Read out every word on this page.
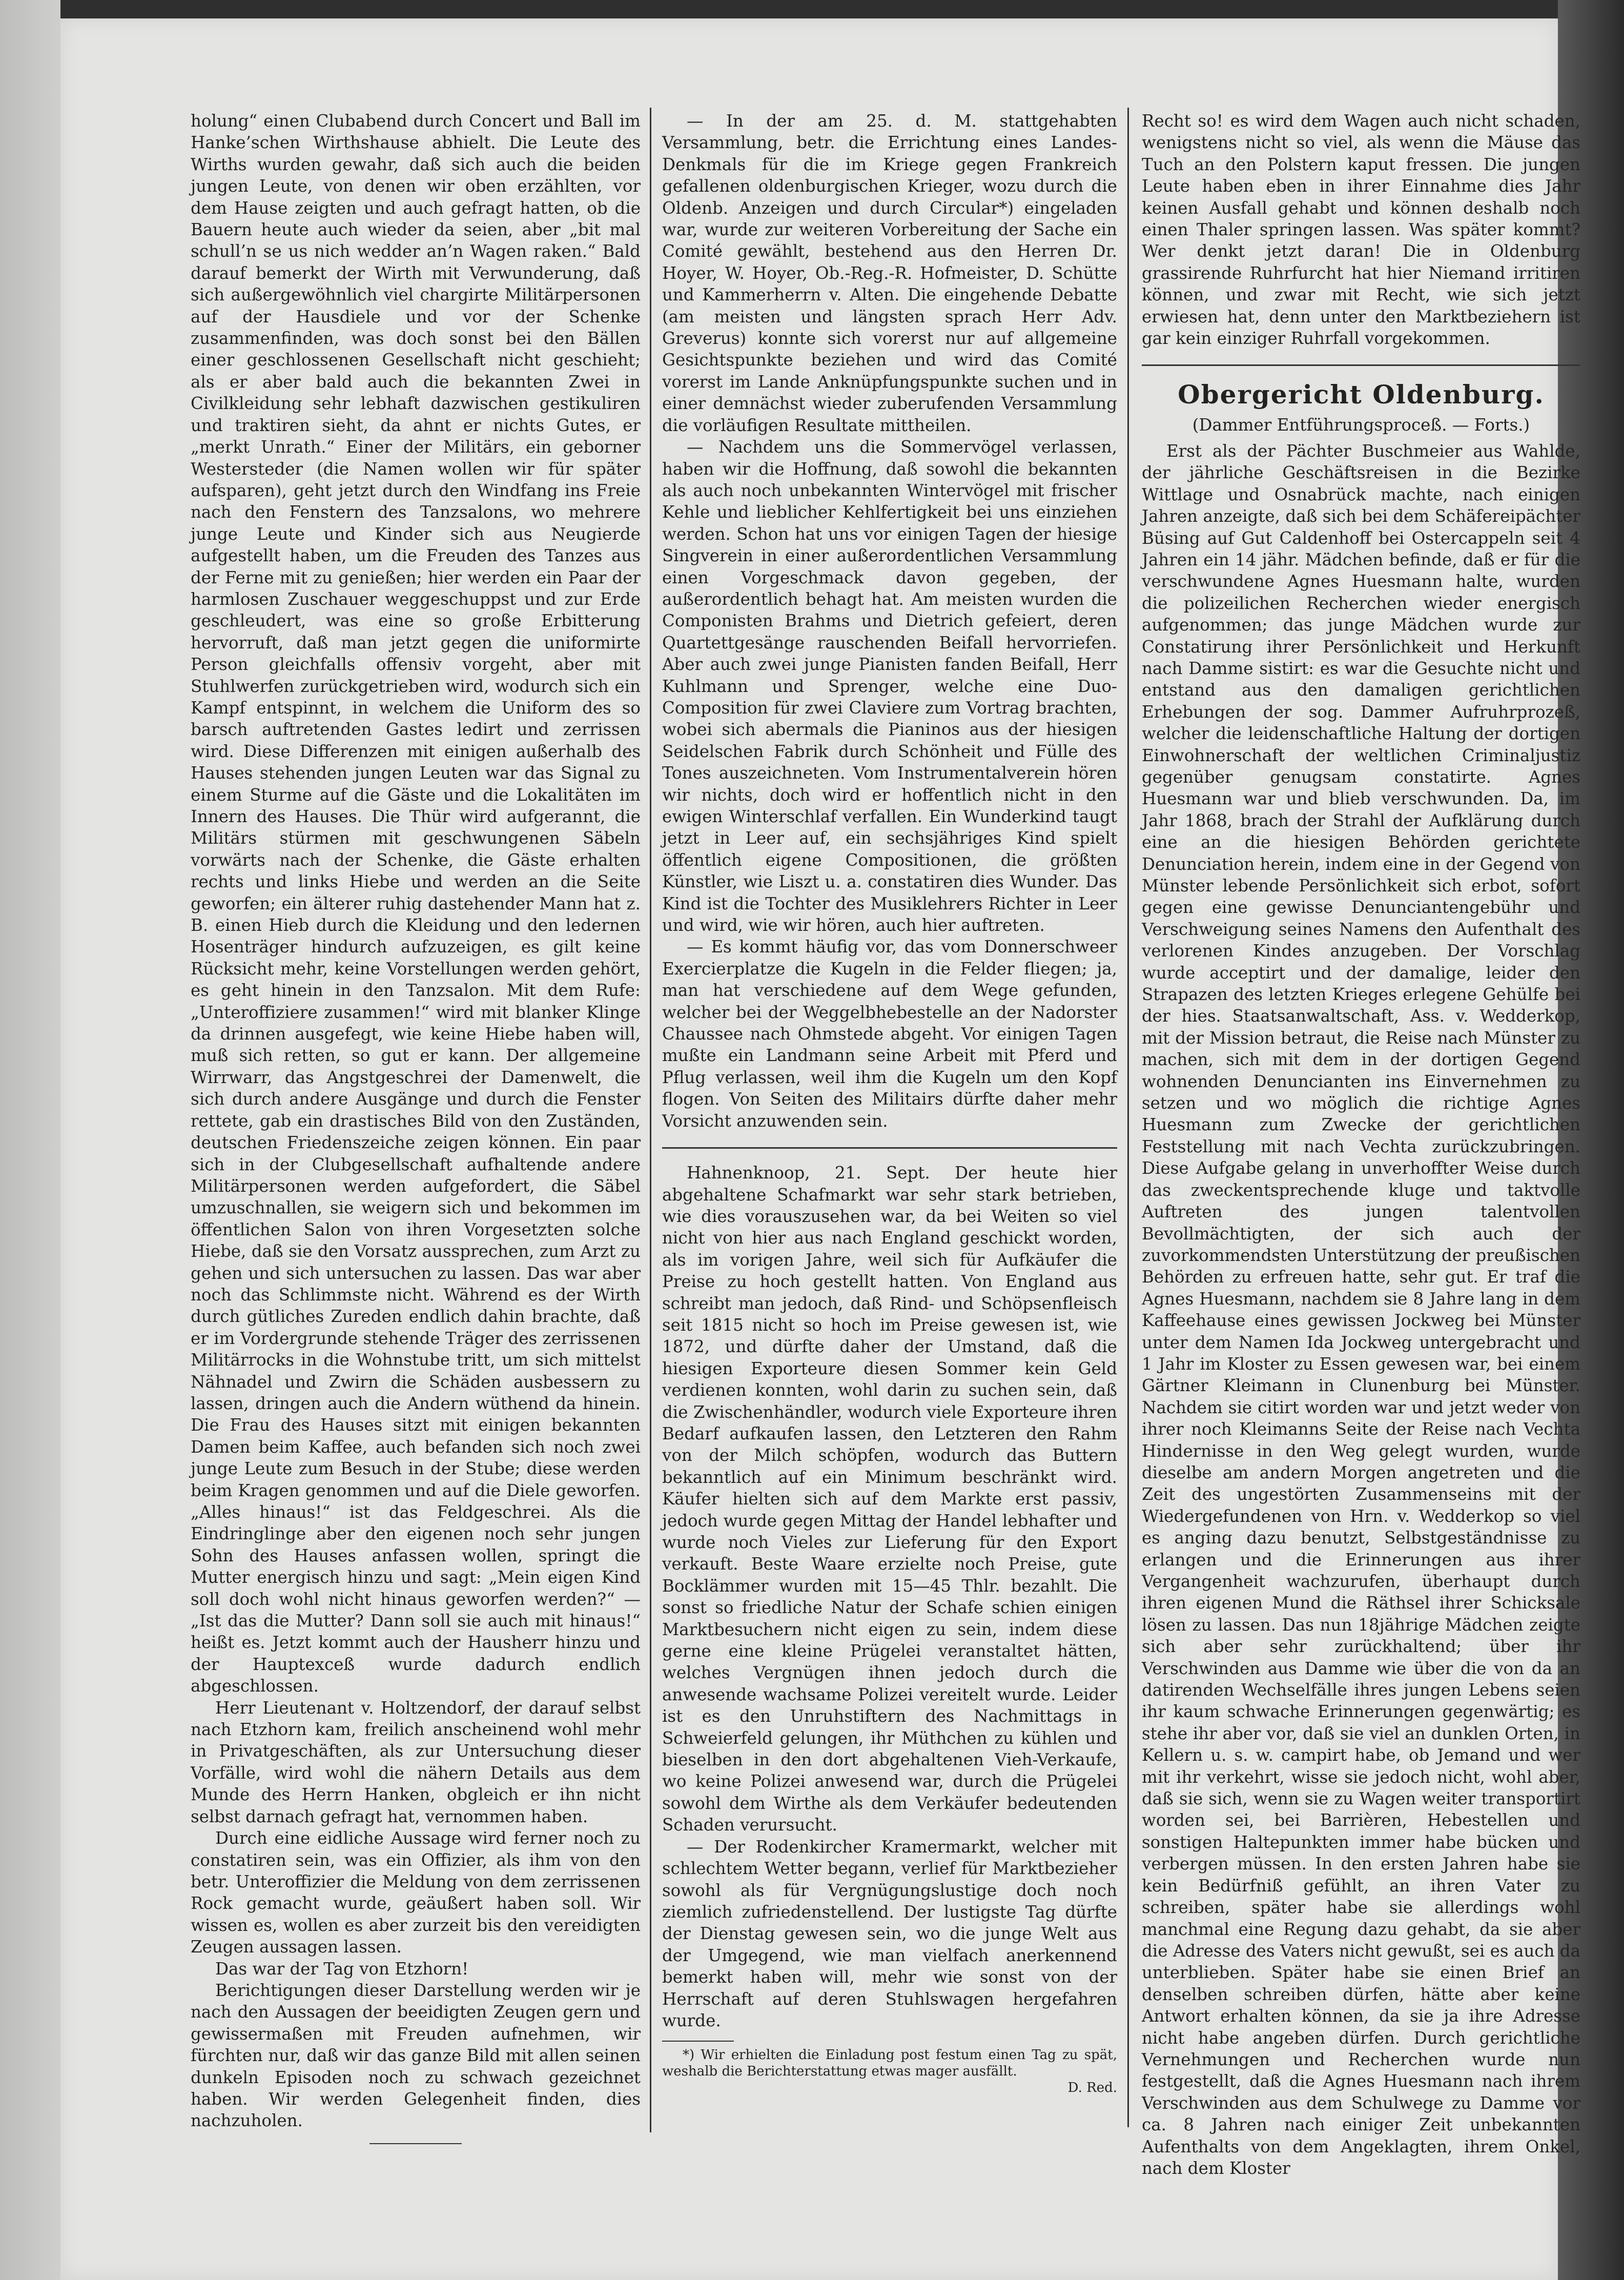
holung“ einen Clubabend durch Concert und Ball im Hanke’schen Wirthshause abhielt. Die Leute des Wirths wurden gewahr, daß sich auch die beiden jungen Leute, von denen wir oben erzählten, vor dem Hause zeigten und auch gefragt hatten, ob die Bauern heute auch wieder da seien, aber „bit mal schull’n se us nich wedder an’n Wagen raken.“ Bald darauf bemerkt der Wirth mit Verwunderung, daß sich außergewöhnlich viel chargirte Militärpersonen auf der Hausdiele und vor der Schenke zusammenfinden, was doch sonst bei den Bällen einer geschlossenen Gesellschaft nicht geschieht; als er aber bald auch die bekannten Zwei in Civilkleidung sehr lebhaft dazwischen gestikuliren und traktiren sieht, da ahnt er nichts Gutes, er „merkt Unrath.“ Einer der Militärs, ein geborner Westersteder (die Namen wollen wir für später aufsparen), geht jetzt durch den Windfang ins Freie nach den Fenstern des Tanzsalons, wo mehrere junge Leute und Kinder sich aus Neugierde aufgestellt haben, um die Freuden des Tanzes aus der Ferne mit zu genießen; hier werden ein Paar der harmlosen Zuschauer weggeschuppst und zur Erde geschleudert, was eine so große Erbitterung hervorruft, daß man jetzt gegen die uniformirte Person gleichfalls offensiv vorgeht, aber mit Stuhlwerfen zurückgetrieben wird, wodurch sich ein Kampf entspinnt, in welchem die Uniform des so barsch auftretenden Gastes ledirt und zerrissen wird. Diese Differenzen mit einigen außerhalb des Hauses stehenden jungen Leuten war das Signal zu einem Sturme auf die Gäste und die Lokalitäten im Innern des Hauses. Die Thür wird aufgerannt, die Militärs stürmen mit geschwungenen Säbeln vorwärts nach der Schenke, die Gäste erhalten rechts und links Hiebe und werden an die Seite geworfen; ein älterer ruhig dastehender Mann hat z. B. einen Hieb durch die Kleidung und den ledernen Hosenträger hindurch aufzuzeigen, es gilt keine Rücksicht mehr, keine Vorstellungen werden gehört, es geht hinein in den Tanzsalon. Mit dem Rufe: „Unteroffiziere zusammen!“ wird mit blanker Klinge da drinnen ausgefegt, wie keine Hiebe haben will, muß sich retten, so gut er kann. Der allgemeine Wirrwarr, das Angstgeschrei der Damenwelt, die sich durch andere Ausgänge und durch die Fenster rettete, gab ein drastisches Bild von den Zuständen, deutschen Friedenszeiche zeigen können. Ein paar sich in der Clubgesellschaft aufhaltende andere Militärpersonen werden aufgefordert, die Säbel umzuschnallen, sie weigern sich und bekommen im öffentlichen Salon von ihren Vorgesetzten solche Hiebe, daß sie den Vorsatz aussprechen, zum Arzt zu gehen und sich untersuchen zu lassen. Das war aber noch das Schlimmste nicht. Während es der Wirth durch gütliches Zureden endlich dahin brachte, daß er im Vordergrunde stehende Träger des zerrissenen Militärrocks in die Wohnstube tritt, um sich mittelst Nähnadel und Zwirn die Schäden ausbessern zu lassen, dringen auch die Andern wüthend da hinein. Die Frau des Hauses sitzt mit einigen bekannten Damen beim Kaffee, auch befanden sich noch zwei junge Leute zum Besuch in der Stube; diese werden beim Kragen genommen und auf die Diele geworfen. „Alles hinaus!“ ist das Feldgeschrei. Als die Eindringlinge aber den eigenen noch sehr jungen Sohn des Hauses anfassen wollen, springt die Mutter energisch hinzu und sagt: „Mein eigen Kind soll doch wohl nicht hinaus geworfen werden?“ — „Ist das die Mutter? Dann soll sie auch mit hinaus!“ heißt es. Jetzt kommt auch der Hausherr hinzu und der Hauptexceß wurde dadurch endlich abgeschlossen.

Herr Lieutenant v. Holtzendorf, der darauf selbst nach Etzhorn kam, freilich anscheinend wohl mehr in Privatgeschäften, als zur Untersuchung dieser Vorfälle, wird wohl die nähern Details aus dem Munde des Herrn Hanken, obgleich er ihn nicht selbst darnach gefragt hat, vernommen haben.

Durch eine eidliche Aussage wird ferner noch zu constatiren sein, was ein Offizier, als ihm von den betr. Unteroffizier die Meldung von dem zerrissenen Rock gemacht wurde, geäußert haben soll. Wir wissen es, wollen es aber zurzeit bis den vereidigten Zeugen aussagen lassen.

Das war der Tag von Etzhorn!

Berichtigungen dieser Darstellung werden wir je nach den Aussagen der beeidigten Zeugen gern und gewissermaßen mit Freuden aufnehmen, wir fürchten nur, daß wir das ganze Bild mit allen seinen dunkeln Episoden noch zu schwach gezeichnet haben. Wir werden Gelegenheit finden, dies nachzuholen.

— In der am 25. d. M. stattgehabten Versammlung, betr. die Errichtung eines Landes-Denkmals für die im Kriege gegen Frankreich gefallenen oldenburgischen Krieger, wozu durch die Oldenb. Anzeigen und durch Circular*) eingeladen war, wurde zur weiteren Vorbereitung der Sache ein Comité gewählt, bestehend aus den Herren Dr. Hoyer, W. Hoyer, Ob.-Reg.-R. Hofmeister, D. Schütte und Kammerherrn v. Alten. Die eingehende Debatte (am meisten und längsten sprach Herr Adv. Greverus) konnte sich vorerst nur auf allgemeine Gesichtspunkte beziehen und wird das Comité vorerst im Lande Anknüpfungspunkte suchen und in einer demnächst wieder zuberufenden Versammlung die vorläufigen Resultate mittheilen.

— Nachdem uns die Sommervögel verlassen, haben wir die Hoffnung, daß sowohl die bekannten als auch noch unbekannten Wintervögel mit frischer Kehle und lieblicher Kehlfertigkeit bei uns einziehen werden. Schon hat uns vor einigen Tagen der hiesige Singverein in einer außerordentlichen Versammlung einen Vorgeschmack davon gegeben, der außerordentlich behagt hat. Am meisten wurden die Componisten Brahms und Dietrich gefeiert, deren Quartettgesänge rauschenden Beifall hervorriefen. Aber auch zwei junge Pianisten fanden Beifall, Herr Kuhlmann und Sprenger, welche eine Duo-Composition für zwei Claviere zum Vortrag brachten, wobei sich abermals die Pianinos aus der hiesigen Seidelschen Fabrik durch Schönheit und Fülle des Tones auszeichneten. Vom Instrumentalverein hören wir nichts, doch wird er hoffentlich nicht in den ewigen Winterschlaf verfallen. Ein Wunderkind taugt jetzt in Leer auf, ein sechsjähriges Kind spielt öffentlich eigene Compositionen, die größten Künstler, wie Liszt u. a. constatiren dies Wunder. Das Kind ist die Tochter des Musiklehrers Richter in Leer und wird, wie wir hören, auch hier auftreten.

— Es kommt häufig vor, das vom Donnerschweer Exercierplatze die Kugeln in die Felder fliegen; ja, man hat verschiedene auf dem Wege gefunden, welcher bei der Weggelbhebestelle an der Nadorster Chaussee nach Ohmstede abgeht. Vor einigen Tagen mußte ein Landmann seine Arbeit mit Pferd und Pflug verlassen, weil ihm die Kugeln um den Kopf flogen. Von Seiten des Militairs dürfte daher mehr Vorsicht anzuwenden sein.

Hahnenknoop, 21. Sept. Der heute hier abgehaltene Schafmarkt war sehr stark betrieben, wie dies vorauszusehen war, da bei Weiten so viel nicht von hier aus nach England geschickt worden, als im vorigen Jahre, weil sich für Aufkäufer die Preise zu hoch gestellt hatten. Von England aus schreibt man jedoch, daß Rind- und Schöpsenfleisch seit 1815 nicht so hoch im Preise gewesen ist, wie 1872, und dürfte daher der Umstand, daß die hiesigen Exporteure diesen Sommer kein Geld verdienen konnten, wohl darin zu suchen sein, daß die Zwischenhändler, wodurch viele Exporteure ihren Bedarf aufkaufen lassen, den Letzteren den Rahm von der Milch schöpfen, wodurch das Buttern bekanntlich auf ein Minimum beschränkt wird. Käufer hielten sich auf dem Markte erst passiv, jedoch wurde gegen Mittag der Handel lebhafter und wurde noch Vieles zur Lieferung für den Export verkauft. Beste Waare erzielte noch Preise, gute Bocklämmer wurden mit 15—45 Thlr. bezahlt. Die sonst so friedliche Natur der Schafe schien einigen Marktbesuchern nicht eigen zu sein, indem diese gerne eine kleine Prügelei veranstaltet hätten, welches Vergnügen ihnen jedoch durch die anwesende wachsame Polizei vereitelt wurde. Leider ist es den Unruhstiftern des Nachmittags in Schweierfeld gelungen, ihr Müthchen zu kühlen und bieselben in den dort abgehaltenen Vieh-Verkaufe, wo keine Polizei anwesend war, durch die Prügelei sowohl dem Wirthe als dem Verkäufer bedeutenden Schaden verursucht.

— Der Rodenkircher Kramermarkt, welcher mit schlechtem Wetter begann, verlief für Marktbezieher sowohl als für Vergnügungslustige doch noch ziemlich zufriedenstellend. Der lustigste Tag dürfte der Dienstag gewesen sein, wo die junge Welt aus der Umgegend, wie man vielfach anerkennend bemerkt haben will, mehr wie sonst von der Herrschaft auf deren Stuhlswagen hergefahren wurde.

*) Wir erhielten die Einladung post festum einen Tag zu spät, weshalb die Berichterstattung etwas mager ausfällt.
D. Red.

Recht so! es wird dem Wagen auch nicht schaden, wenigstens nicht so viel, als wenn die Mäuse das Tuch an den Polstern kaput fressen. Die jungen Leute haben eben in ihrer Einnahme dies Jahr keinen Ausfall gehabt und können deshalb noch einen Thaler springen lassen. Was später kommt? Wer denkt jetzt daran! Die in Oldenburg grassirende Ruhrfurcht hat hier Niemand irritiren können, und zwar mit Recht, wie sich jetzt erwiesen hat, denn unter den Marktbeziehern ist gar kein einziger Ruhrfall vorgekommen.

Obergericht Oldenburg.
(Dammer Entführungsproceß. — Forts.)

Erst als der Pächter Buschmeier aus Wahlde, der jährliche Geschäftsreisen in die Bezirke Wittlage und Osnabrück machte, nach einigen Jahren anzeigte, daß sich bei dem Schäfereipächter Büsing auf Gut Caldenhoff bei Ostercappeln seit 4 Jahren ein 14 jähr. Mädchen befinde, daß er für die verschwundene Agnes Huesmann halte, wurden die polizeilichen Recherchen wieder energisch aufgenommen; das junge Mädchen wurde zur Constatirung ihrer Persönlichkeit und Herkunft nach Damme sistirt: es war die Gesuchte nicht und entstand aus den damaligen gerichtlichen Erhebungen der sog. Dammer Aufruhrprozeß, welcher die leidenschaftliche Haltung der dortigen Einwohnerschaft der weltlichen Criminaljustiz gegenüber genugsam constatirte. Agnes Huesmann war und blieb verschwunden. Da, im Jahr 1868, brach der Strahl der Aufklärung durch eine an die hiesigen Behörden gerichtete Denunciation herein, indem eine in der Gegend von Münster lebende Persönlichkeit sich erbot, sofort gegen eine gewisse Denunciantengebühr und Verschweigung seines Namens den Aufenthalt des verlorenen Kindes anzugeben. Der Vorschlag wurde acceptirt und der damalige, leider den Strapazen des letzten Krieges erlegene Gehülfe bei der hies. Staatsanwaltschaft, Ass. v. Wedderkop, mit der Mission betraut, die Reise nach Münster zu machen, sich mit dem in der dortigen Gegend wohnenden Denuncianten ins Einvernehmen zu setzen und wo möglich die richtige Agnes Huesmann zum Zwecke der gerichtlichen Feststellung mit nach Vechta zurückzubringen. Diese Aufgabe gelang in unverhoffter Weise durch das zweckentsprechende kluge und taktvolle Auftreten des jungen talentvollen Bevollmächtigten, der sich auch der zuvorkommendsten Unterstützung der preußischen Behörden zu erfreuen hatte, sehr gut. Er traf die Agnes Huesmann, nachdem sie 8 Jahre lang in dem Kaffeehause eines gewissen Jockweg bei Münster unter dem Namen Ida Jockweg untergebracht und 1 Jahr im Kloster zu Essen gewesen war, bei einem Gärtner Kleimann in Clunenburg bei Münster. Nachdem sie citirt worden war und jetzt weder von ihrer noch Kleimanns Seite der Reise nach Vechta Hindernisse in den Weg gelegt wurden, wurde dieselbe am andern Morgen angetreten und die Zeit des ungestörten Zusammenseins mit der Wiedergefundenen von Hrn. v. Wedderkop so viel es anging dazu benutzt, Selbstgeständnisse zu erlangen und die Erinnerungen aus ihrer Vergangenheit wachzurufen, überhaupt durch ihren eigenen Mund die Räthsel ihrer Schicksale lösen zu lassen. Das nun 18jährige Mädchen zeigte sich aber sehr zurückhaltend; über ihr Verschwinden aus Damme wie über die von da an datirenden Wechselfälle ihres jungen Lebens seien ihr kaum schwache Erinnerungen gegenwärtig; es stehe ihr aber vor, daß sie viel an dunklen Orten, in Kellern u. s. w. campirt habe, ob Jemand und wer mit ihr verkehrt, wisse sie jedoch nicht, wohl aber, daß sie sich, wenn sie zu Wagen weiter transportirt worden sei, bei Barrièren, Hebestellen und sonstigen Haltepunkten immer habe bücken und verbergen müssen. In den ersten Jahren habe sie kein Bedürfniß gefühlt, an ihren Vater zu schreiben, später habe sie allerdings wohl manchmal eine Regung dazu gehabt, da sie aber die Adresse des Vaters nicht gewußt, sei es auch da unterblieben. Später habe sie einen Brief an denselben schreiben dürfen, hätte aber keine Antwort erhalten können, da sie ja ihre Adresse nicht habe angeben dürfen. Durch gerichtliche Vernehmungen und Recherchen wurde nun festgestellt, daß die Agnes Huesmann nach ihrem Verschwinden aus dem Schulwege zu Damme vor ca. 8 Jahren nach einiger Zeit unbekannten Aufenthalts von dem Angeklagten, ihrem Onkel, nach dem Kloster
